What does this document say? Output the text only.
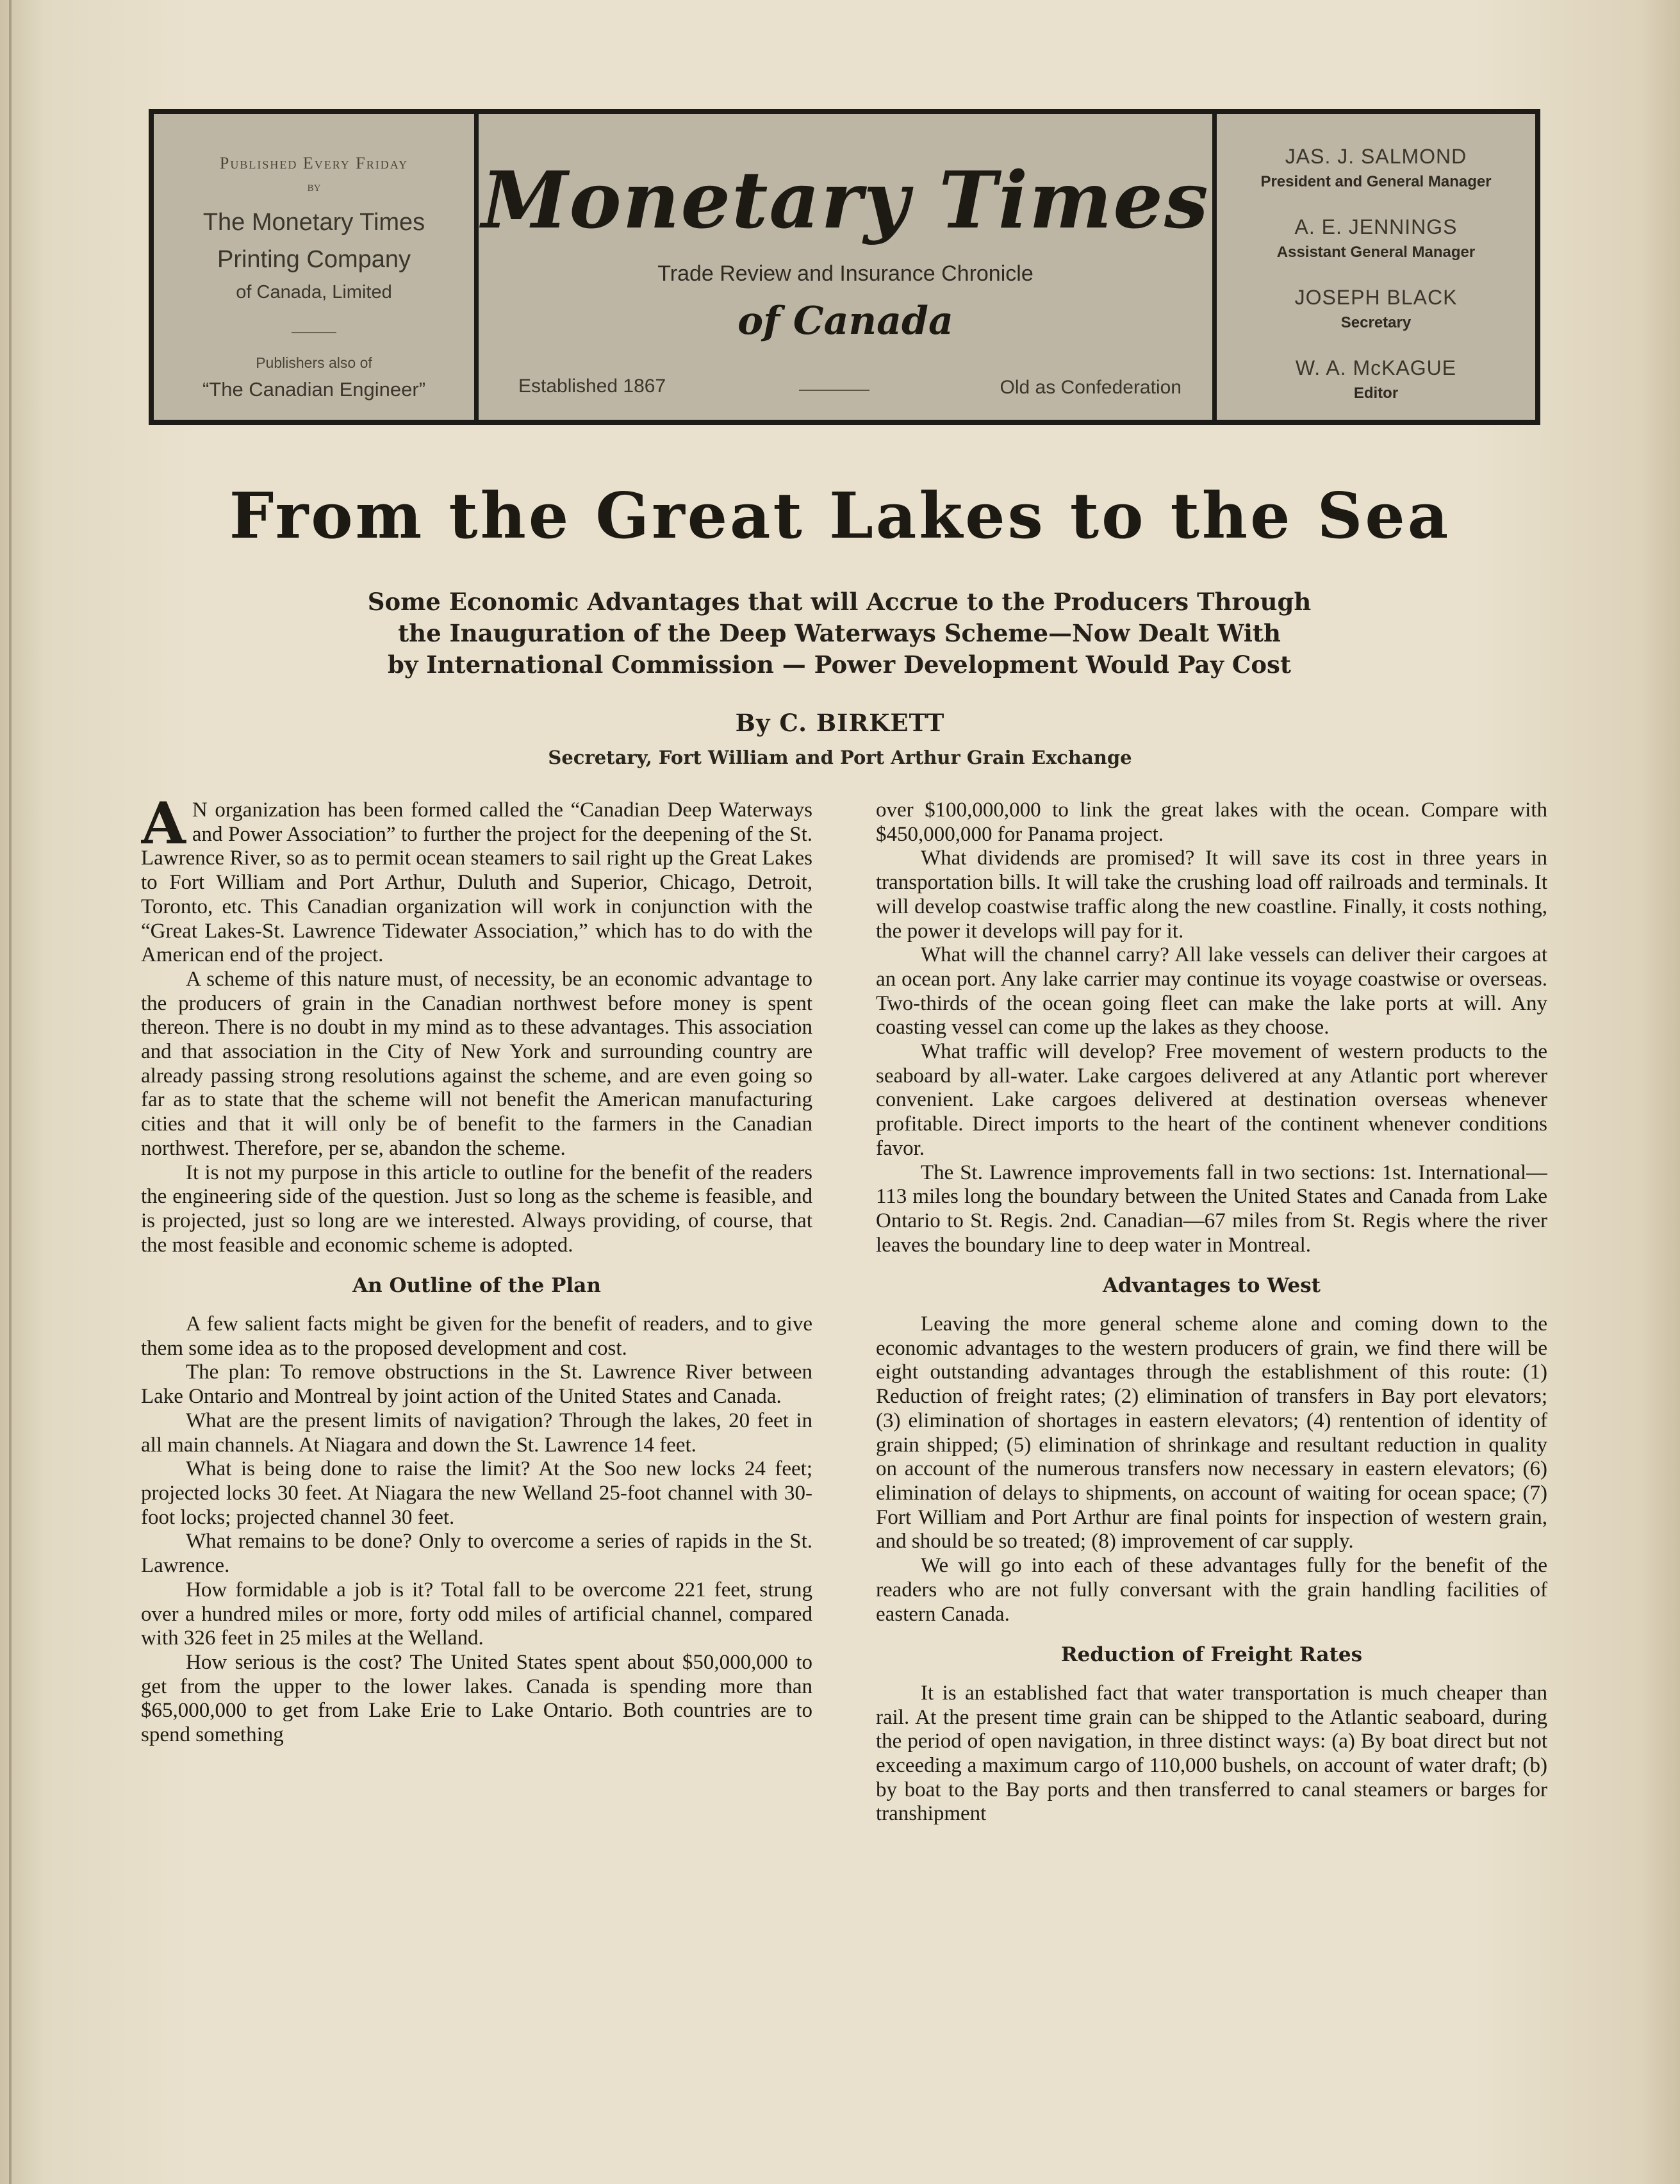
Published Every Friday
by
The Monetary Times
Printing Company
of Canada, Limited
Publishers also of
“The Canadian Engineer”
Monetary Times
Trade Review and Insurance Chronicle
of Canada
Established 1867	Old as Confederation
JAS. J. SALMOND
President and General Manager
A. E. JENNINGS
Assistant General Manager
JOSEPH BLACK
Secretary
W. A. McKAGUE
Editor
From the Great Lakes to the Sea
Some Economic Advantages that will Accrue to the Producers Through
the Inauguration of the Deep Waterways Scheme—Now Dealt With
by International Commission — Power Development Would Pay Cost
By C. BIRKETT
Secretary, Fort William and Port Arthur Grain Exchange

A N organization has been formed called the “Canadian Deep Waterways and Power Association” to further the project for the deepening of the St. Lawrence River, so as to permit ocean steamers to sail right up the Great Lakes to Fort William and Port Arthur, Duluth and Superior, Chicago, Detroit, Toronto, etc. This Canadian organization will work in conjunction with the “Great Lakes-St. Lawrence Tidewater Association,” which has to do with the American end of the project.

A scheme of this nature must, of necessity, be an economic advantage to the producers of grain in the Canadian northwest before money is spent thereon. There is no doubt in my mind as to these advantages. This association and that association in the City of New York and surrounding country are already passing strong resolutions against the scheme, and are even going so far as to state that the scheme will not benefit the American manufacturing cities and that it will only be of benefit to the farmers in the Canadian northwest. Therefore, per se, abandon the scheme.

It is not my purpose in this article to outline for the benefit of the readers the engineering side of the question. Just so long as the scheme is feasible, and is projected, just so long are we interested. Always providing, of course, that the most feasible and economic scheme is adopted.

An Outline of the Plan

A few salient facts might be given for the benefit of readers, and to give them some idea as to the proposed development and cost.

The plan: To remove obstructions in the St. Lawrence River between Lake Ontario and Montreal by joint action of the United States and Canada.

What are the present limits of navigation? Through the lakes, 20 feet in all main channels. At Niagara and down the St. Lawrence 14 feet.

What is being done to raise the limit? At the Soo new locks 24 feet; projected locks 30 feet. At Niagara the new Welland 25-foot channel with 30-foot locks; projected channel 30 feet.

What remains to be done? Only to overcome a series of rapids in the St. Lawrence.

How formidable a job is it? Total fall to be overcome 221 feet, strung over a hundred miles or more, forty odd miles of artificial channel, compared with 326 feet in 25 miles at the Welland.

How serious is the cost? The United States spent about $50,000,000 to get from the upper to the lower lakes. Canada is spending more than $65,000,000 to get from Lake Erie to Lake Ontario. Both countries are to spend something

over $100,000,000 to link the great lakes with the ocean. Compare with $450,000,000 for Panama project.

What dividends are promised? It will save its cost in three years in transportation bills. It will take the crushing load off railroads and terminals. It will develop coastwise traffic along the new coastline. Finally, it costs nothing, the power it develops will pay for it.

What will the channel carry? All lake vessels can deliver their cargoes at an ocean port. Any lake carrier may continue its voyage coastwise or overseas. Two-thirds of the ocean going fleet can make the lake ports at will. Any coasting vessel can come up the lakes as they choose.

What traffic will develop? Free movement of western products to the seaboard by all-water. Lake cargoes delivered at any Atlantic port wherever convenient. Lake cargoes delivered at destination overseas whenever profitable. Direct imports to the heart of the continent whenever conditions favor.

The St. Lawrence improvements fall in two sections: 1st. International—113 miles long the boundary between the United States and Canada from Lake Ontario to St. Regis. 2nd. Canadian—67 miles from St. Regis where the river leaves the boundary line to deep water in Montreal.

Advantages to West

Leaving the more general scheme alone and coming down to the economic advantages to the western producers of grain, we find there will be eight outstanding advantages through the establishment of this route: (1) Reduction of freight rates; (2) elimination of transfers in Bay port elevators; (3) elimination of shortages in eastern elevators; (4) rentention of identity of grain shipped; (5) elimination of shrinkage and resultant reduction in quality on account of the numerous transfers now necessary in eastern elevators; (6) elimination of delays to shipments, on account of waiting for ocean space; (7) Fort William and Port Arthur are final points for inspection of western grain, and should be so treated; (8) improvement of car supply.

We will go into each of these advantages fully for the benefit of the readers who are not fully conversant with the grain handling facilities of eastern Canada.

Reduction of Freight Rates

It is an established fact that water transportation is much cheaper than rail. At the present time grain can be shipped to the Atlantic seaboard, during the period of open navigation, in three distinct ways: (a) By boat direct but not exceeding a maximum cargo of 110,000 bushels, on account of water draft; (b) by boat to the Bay ports and then transferred to canal steamers or barges for transhipment
